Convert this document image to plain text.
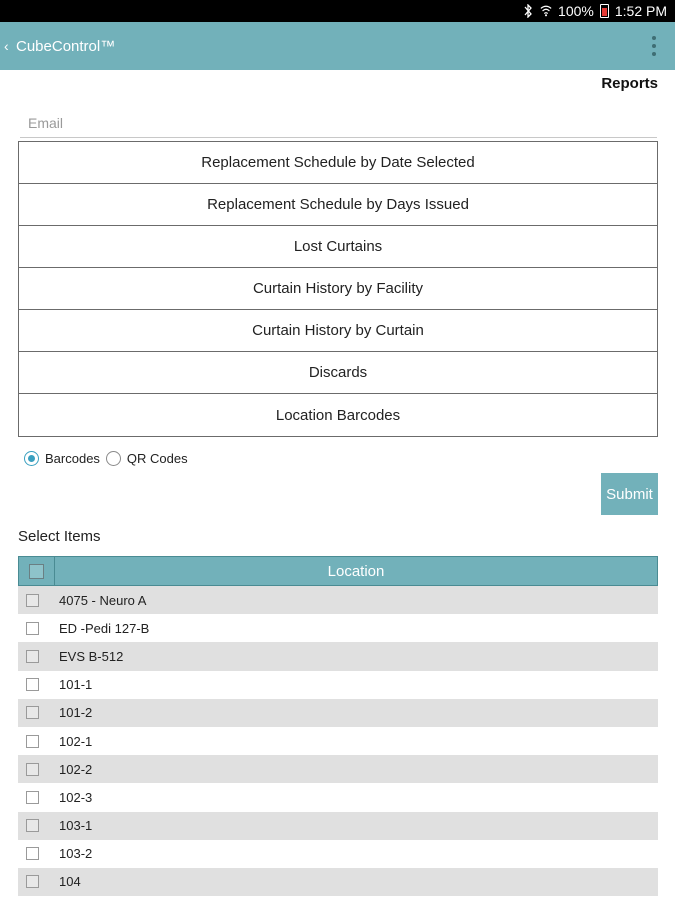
100% 1:52 PM
‹ CubeControl™
Reports
Email
Replacement Schedule by Date Selected
Replacement Schedule by Days Issued
Lost Curtains
Curtain History by Facility
Curtain History by Curtain
Discards
Location Barcodes
Barcodes QR Codes
Submit
Select Items
Location
4075 - Neuro A
ED -Pedi 127-B
EVS B-512
101-1
101-2
102-1
102-2
102-3
103-1
103-2
104
